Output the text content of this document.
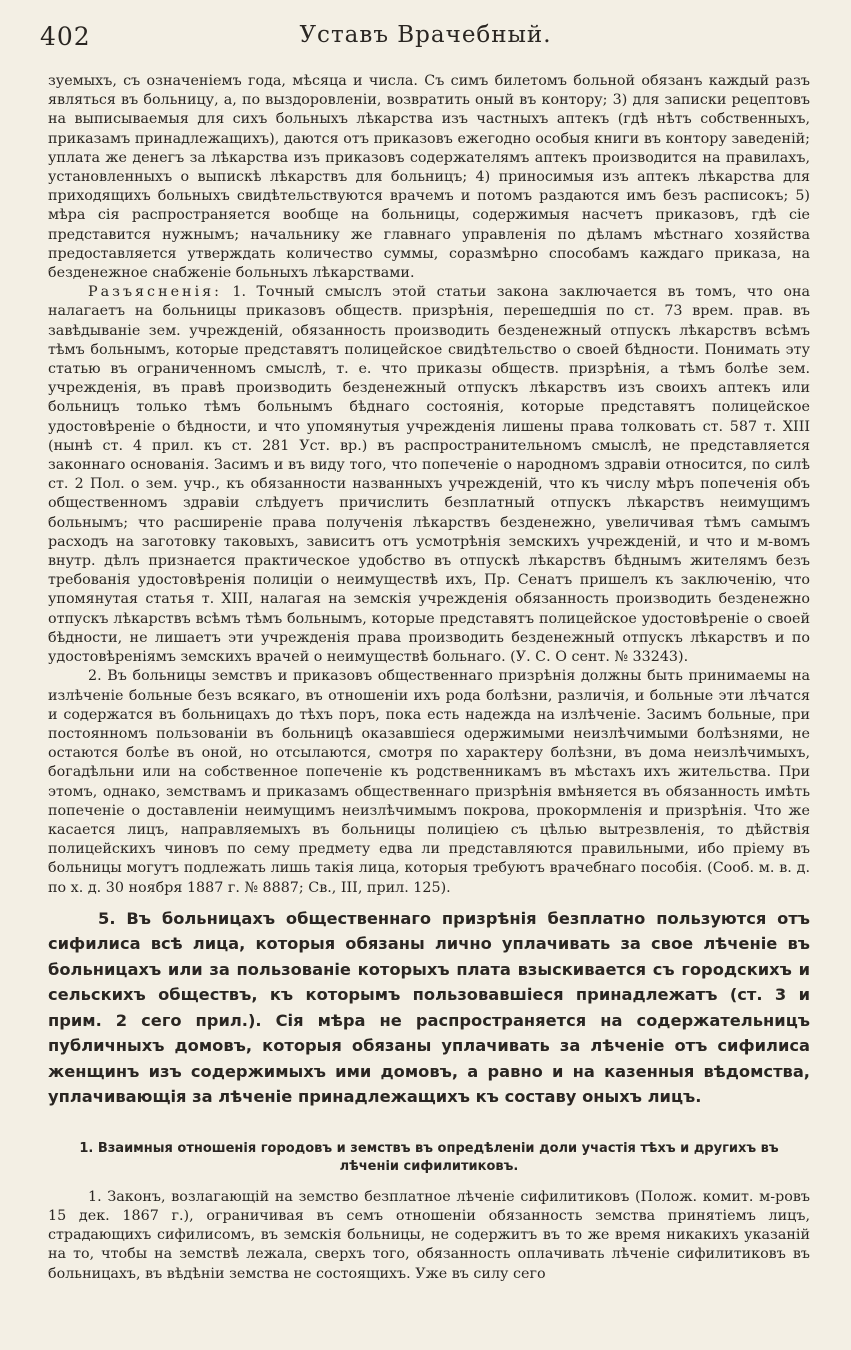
402	Уставъ Врачебный.

зуемыхъ, съ означеніемъ года, мѣсяца и числа. Съ симъ билетомъ больной обязанъ каждый разъ являться въ больницу, а, по выздоровленіи, возвратить оный въ контору; 3) для записки рецептовъ на выписываемыя для сихъ больныхъ лѣкарства изъ частныхъ аптекъ (гдѣ нѣтъ собственныхъ, приказамъ принадлежащихъ), даются отъ приказовъ ежегодно особыя книги въ контору заведеній; уплата же денегъ за лѣкарства изъ приказовъ содержателямъ аптекъ производится на правилахъ, установленныхъ о выпискѣ лѣкарствъ для больницъ; 4) приносимыя изъ аптекъ лѣкарства для приходящихъ больныхъ свидѣтельствуются врачемъ и потомъ раздаются имъ безъ расписокъ; 5) мѣра сія распространяется вообще на больницы, содержимыя насчетъ приказовъ, гдѣ сіе представится нужнымъ; начальнику же главнаго управленія по дѣламъ мѣстнаго хозяйства предоставляется утверждать количество суммы, соразмѣрно способамъ каждаго приказа, на безденежное снабженіе больныхъ лѣкарствами.

Разъясненія: 1. Точный смыслъ этой статьи закона заключается въ томъ, что она налагаетъ на больницы приказовъ обществ. призрѣнія, перешедшія по ст. 73 врем. прав. въ завѣдываніе зем. учрежденій, обязанность производить безденежный отпускъ лѣкарствъ всѣмъ тѣмъ больнымъ, которые представятъ полицейское свидѣтельство о своей бѣдности. Понимать эту статью въ ограниченномъ смыслѣ, т. е. что приказы обществ. призрѣнія, а тѣмъ болѣе зем. учрежденія, въ правѣ производить безденежный отпускъ лѣкарствъ изъ своихъ аптекъ или больницъ только тѣмъ больнымъ бѣднаго состоянія, которые представятъ полицейское удостовѣреніе о бѣдности, и что упомянутыя учрежденія лишены права толковать ст. 587 т. XIII (нынѣ ст. 4 прил. къ ст. 281 Уст. вр.) въ распространительномъ смыслѣ, не представляется законнаго основанія. Засимъ и въ виду того, что попеченіе о народномъ здравіи относится, по силѣ ст. 2 Пол. о зем. учр., къ обязанности названныхъ учрежденій, что къ числу мѣръ попеченія объ общественномъ здравіи слѣдуетъ причислить безплатный отпускъ лѣкарствъ неимущимъ больнымъ; что расширеніе права полученія лѣкарствъ безденежно, увеличивая тѣмъ самымъ расходъ на заготовку таковыхъ, зависитъ отъ усмотрѣнія земскихъ учрежденій, и что и м-вомъ внутр. дѣлъ признается практическое удобство въ отпускѣ лѣкарствъ бѣднымъ жителямъ безъ требованія удостовѣренія полиціи о неимуществѣ ихъ, Пр. Сенатъ пришелъ къ заключенію, что упомянутая статья т. XIII, налагая на земскія учрежденія обязанность производить безденежно отпускъ лѣкарствъ всѣмъ тѣмъ больнымъ, которые представятъ полицейское удостовѣреніе о своей бѣдности, не лишаетъ эти учрежденія права производить безденежный отпускъ лѣкарствъ и по удостовѣреніямъ земскихъ врачей о неимуществѣ больнаго. (У. С. О сент. № 33243).

2. Въ больницы земствъ и приказовъ общественнаго призрѣнія должны быть принимаемы на излѣченіе больные безъ всякаго, въ отношеніи ихъ рода болѣзни, различія, и больные эти лѣчатся и содержатся въ больницахъ до тѣхъ поръ, пока есть надежда на излѣченіе. Засимъ больные, при постоянномъ пользованіи въ больницѣ оказавшіеся одержимыми неизлѣчимыми болѣзнями, не остаются болѣе въ оной, но отсылаются, смотря по характеру болѣзни, въ дома неизлѣчимыхъ, богадѣльни или на собственное попеченіе къ родственникамъ въ мѣстахъ ихъ жительства. При этомъ, однако, земствамъ и приказамъ общественнаго призрѣнія вмѣняется въ обязанность имѣть попеченіе о доставленіи неимущимъ неизлѣчимымъ покрова, прокормленія и призрѣнія. Что же касается лицъ, направляемыхъ въ больницы полиціею съ цѣлью вытрезвленія, то дѣйствія полицейскихъ чиновъ по сему предмету едва ли представляются правильными, ибо пріему въ больницы могутъ подлежать лишь такія лица, которыя требуютъ врачебнаго пособія. (Сооб. м. в. д. по х. д. 30 ноября 1887 г. № 8887; Св., III, прил. 125).

5. Въ больницахъ общественнаго призрѣнія безплатно пользуются отъ сифилиса всѣ лица, которыя обязаны лично уплачивать за свое лѣченіе въ больницахъ или за пользованіе которыхъ плата взыскивается съ городскихъ и сельскихъ обществъ, къ которымъ пользовавшіеся принадлежатъ (ст. 3 и прим. 2 сего прил.). Сія мѣра не распространяется на содержательницъ публичныхъ домовъ, которыя обязаны уплачивать за лѣченіе отъ сифилиса женщинъ изъ содержимыхъ ими домовъ, а равно и на казенныя вѣдомства, уплачивающія за лѣченіе принадлежащихъ къ составу оныхъ лицъ.

1. Взаимныя отношенія городовъ и земствъ въ опредѣленіи доли участія тѣхъ и другихъ въ лѣченіи сифилитиковъ.

1. Законъ, возлагающій на земство безплатное лѣченіе сифилитиковъ (Полож. комит. м-ровъ 15 дек. 1867 г.), ограничивая въ семъ отношеніи обязанность земства принятіемъ лицъ, страдающихъ сифилисомъ, въ земскія больницы, не содержитъ въ то же время никакихъ указаній на то, чтобы на земствѣ лежала, сверхъ того, обязанность оплачивать лѣченіе сифилитиковъ въ больницахъ, въ вѣдѣніи земства не состоящихъ. Уже въ силу сего
